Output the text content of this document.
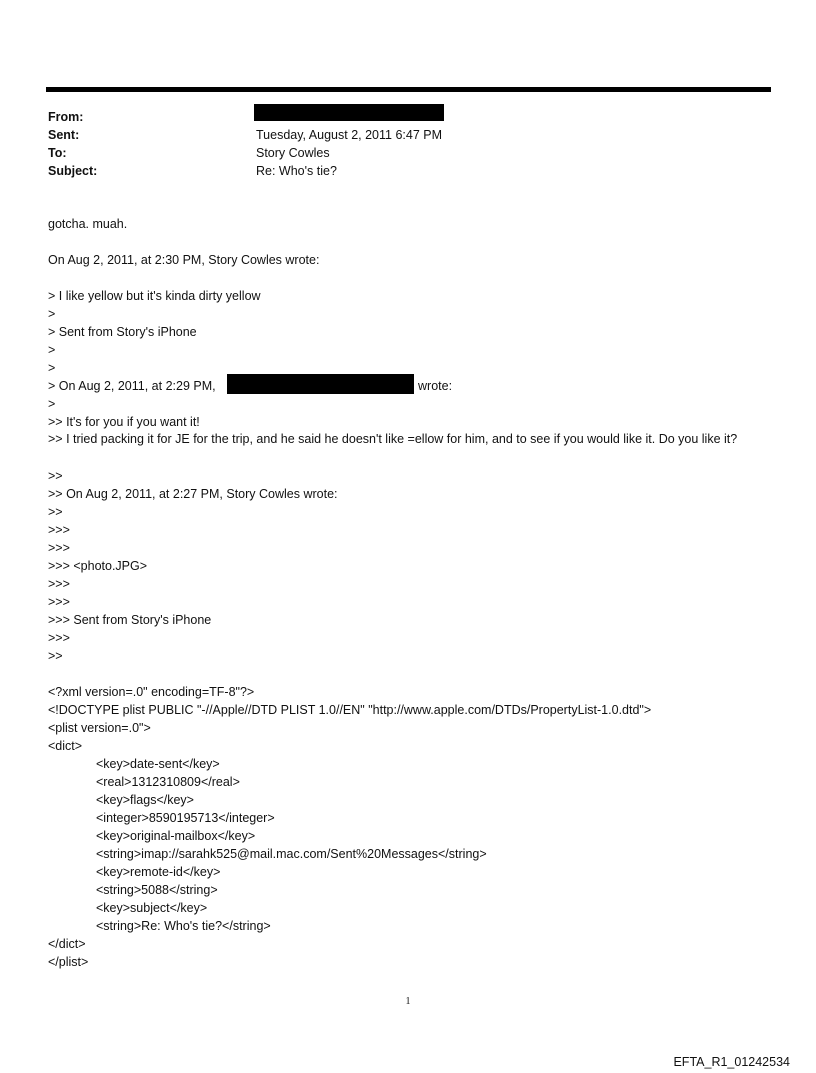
From:
Sent:	Tuesday, August 2, 2011 6:47 PM
To:	Story Cowles
Subject:	Re: Who's tie?
gotcha. muah.
On Aug 2, 2011, at 2:30 PM, Story Cowles wrote:
> I like yellow but it's kinda dirty yellow
>
> Sent from Story's iPhone
>
>
> On Aug 2, 2011, at 2:29 PM,	wrote:
>
>> It's for you if you want it!
>> I tried packing it for JE for the trip, and he said he doesn't like =ellow for him, and to see if you would like it. Do you like it?
>>
>> On Aug 2, 2011, at 2:27 PM, Story Cowles wrote:
>>
>>>
>>>
>>> <photo.JPG>
>>>
>>>
>>> Sent from Story's iPhone
>>>
>>
<?xml version=.0" encoding=TF-8"?>
<!DOCTYPE plist PUBLIC "-//Apple//DTD PLIST 1.0//EN" "http://www.apple.com/DTDs/PropertyList-1.0.dtd">
<plist version=.0">
<dict>
<key>date-sent</key>
<real>1312310809</real>
<key>flags</key>
<integer>8590195713</integer>
<key>original-mailbox</key>
<string>imap://sarahk525@mail.mac.com/Sent%20Messages</string>
<key>remote-id</key>
<string>5088</string>
<key>subject</key>
<string>Re: Who's tie?</string>
</dict>
</plist>
1
EFTA_R1_01242534
